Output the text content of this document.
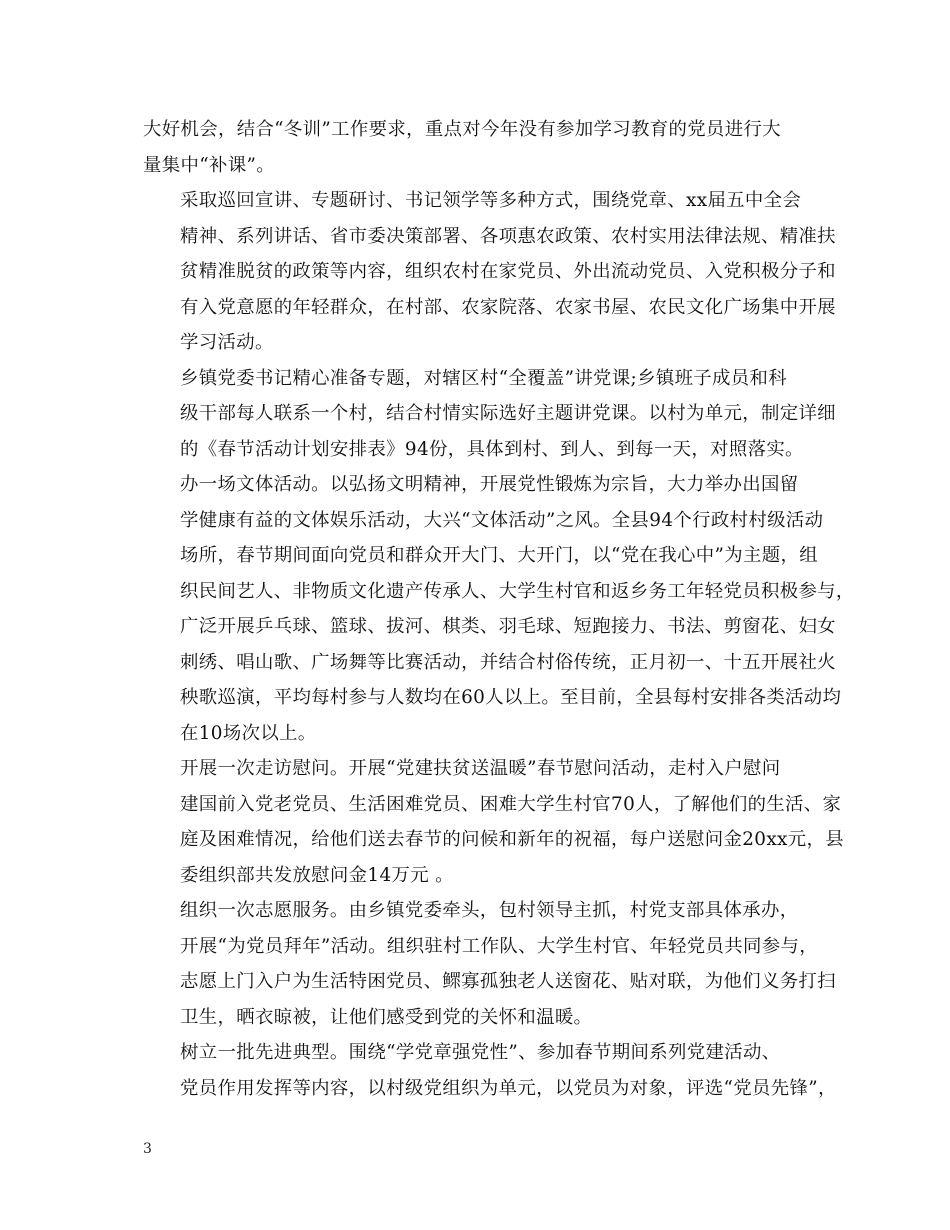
大好机会，结合“冬训”工作要求，重点对今年没有参加学习教育的党员进行大
量集中“补课”。

采取巡回宣讲、专题研讨、书记领学等多种方式，围绕党章、xx届五中全会
精神、系列讲话、省市委决策部署、各项惠农政策、农村实用法律法规、精准扶
贫精准脱贫的政策等内容，组织农村在家党员、外出流动党员、入党积极分子和
有入党意愿的年轻群众，在村部、农家院落、农家书屋、农民文化广场集中开展
学习活动。

乡镇党委书记精心准备专题，对辖区村“全覆盖”讲党课;乡镇班子成员和科
级干部每人联系一个村，结合村情实际选好主题讲党课。以村为单元，制定详细
的《春节活动计划安排表》94份，具体到村、到人、到每一天，对照落实。

办一场文体活动。以弘扬文明精神，开展党性锻炼为宗旨，大力举办出国留
学健康有益的文体娱乐活动，大兴“文体活动”之风。全县94个行政村村级活动
场所，春节期间面向党员和群众开大门、大开门，以“党在我心中”为主题，组
织民间艺人、非物质文化遗产传承人、大学生村官和返乡务工年轻党员积极参与，
广泛开展乒乓球、篮球、拔河、棋类、羽毛球、短跑接力、书法、剪窗花、妇女
刺绣、唱山歌、广场舞等比赛活动，并结合村俗传统，正月初一、十五开展社火
秧歌巡演，平均每村参与人数均在60人以上。至目前，全县每村安排各类活动均
在10场次以上。

开展一次走访慰问。开展“党建扶贫送温暖”春节慰问活动，走村入户慰问
建国前入党老党员、生活困难党员、困难大学生村官70人，了解他们的生活、家
庭及困难情况，给他们送去春节的问候和新年的祝福，每户送慰问金20xx元，县
委组织部共发放慰问金14万元 。

组织一次志愿服务。由乡镇党委牵头，包村领导主抓，村党支部具体承办，
开展“为党员拜年”活动。组织驻村工作队、大学生村官、年轻党员共同参与，
志愿上门入户为生活特困党员、鳏寡孤独老人送窗花、贴对联，为他们义务打扫
卫生，晒衣晾被，让他们感受到党的关怀和温暖。

树立一批先进典型。围绕“学党章强党性”、参加春节期间系列党建活动、
党员作用发挥等内容，以村级党组织为单元，以党员为对象，评选“党员先锋”，

3
